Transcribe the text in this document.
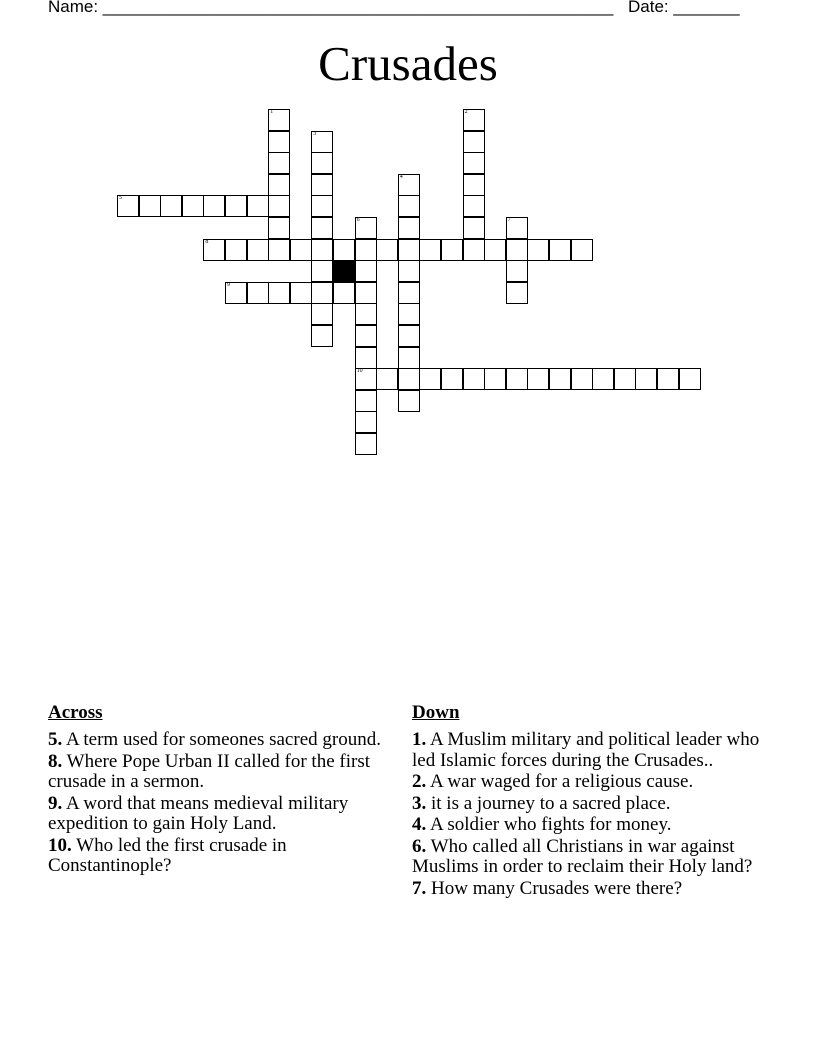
Name: ______________________________________________________ Date: _______
Crusades
1	2
3
4
5
6
10
7
8
9
Across
5. A term used for someones sacred ground.
8. Where Pope Urban II called for the first crusade in a sermon.
9. A word that means medieval military expedition to gain Holy Land.
10. Who led the first crusade in Constantinople?
Down
1. A Muslim military and political leader who led Islamic forces during the Crusades..
2. A war waged for a religious cause.
3. it is a journey to a sacred place.
4. A soldier who fights for money.
6. Who called all Christians in war against Muslims in order to reclaim their Holy land?
7. How many Crusades were there?
